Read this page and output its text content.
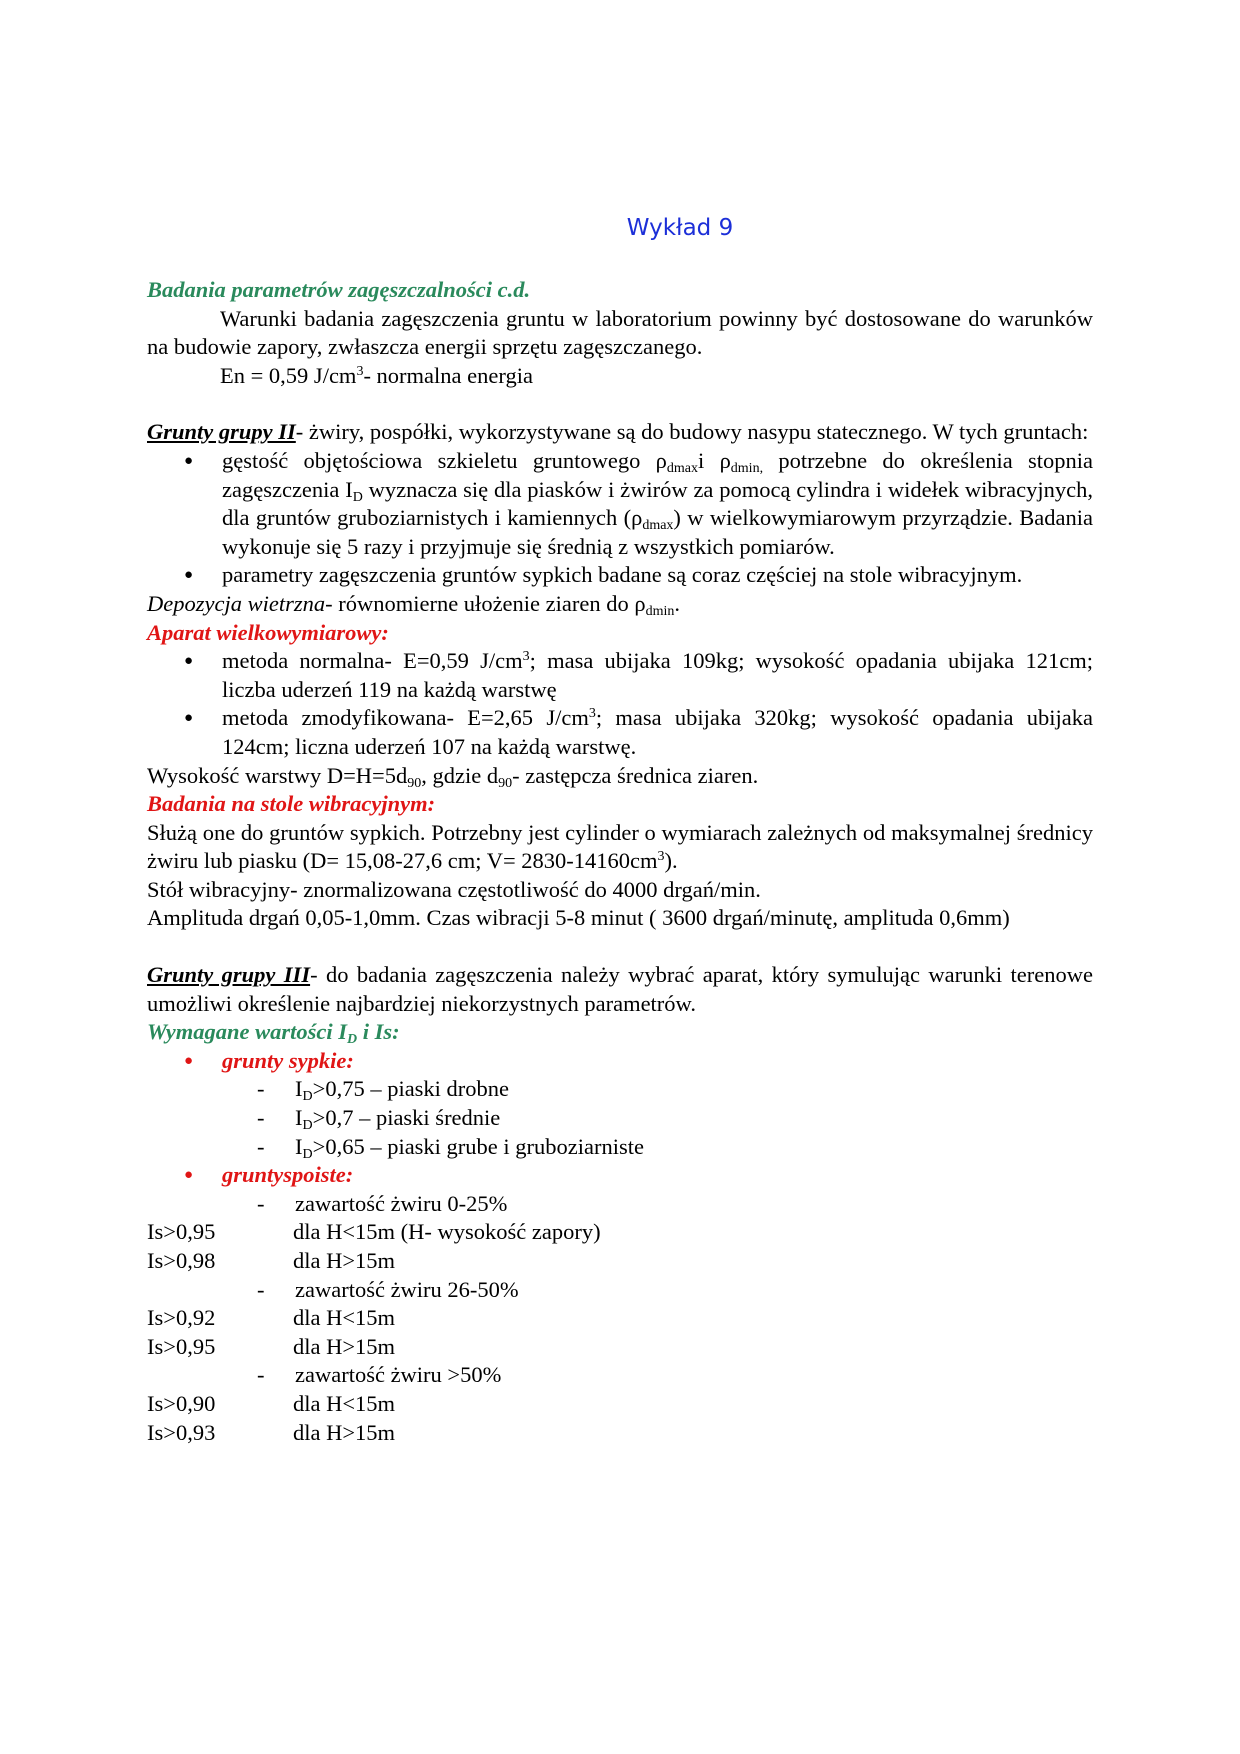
Wykład 9
Badania parametrów zagęszczalności c.d.
Warunki badania zagęszczenia gruntu w laboratorium powinny być dostosowane do warunków na budowie zapory, zwłaszcza energii sprzętu zagęszczanego.
En = 0,59 $J/cm^3-$ normalna energia
Grunty grupy II- żwiry, pospółki, wykorzystywane są do budowy nasypu statecznego. W tych gruntach:
● gęstość objętościowa szkieletu gruntowego $\rho_{dmax}i$ $\rho_{dmin,}$ potrzebne do określenia stopnia zagęszczenia $I_D$ wyznacza się dla piasków i żwirów za pomocą cylindra i widełek wibracyjnych, dla gruntów gruboziarnistych i kamiennych $(\rho_{dmax})$ w wielkowymiarowym przyrządzie. Badania wykonuje się 5 razy i przyjmuje się średnią z wszystkich pomiarów.
● parametry zagęszczenia gruntów sypkich badane są coraz częściej na stole wibracyjnym.
Depozycja wietrzna- równomierne ułożenie ziaren do $\rho_{dmin}$.
Aparat wielkowymiarowy:
● metoda normalna- E=0,59 $J/cm^3$; masa ubijaka 109kg; wysokość opadania ubijaka 121cm; liczba uderzeń 119 na każdą warstwę
● metoda zmodyfikowana- E=2,65 $J/cm^3$; masa ubijaka 320kg; wysokość opadania ubijaka 124cm; liczna uderzeń 107 na każdą warstwę.
Wysokość warstwy $D=H=5d_{90}$, gdzie $d_{90}-$ zastępcza średnica ziaren.
Badania na stole wibracyjnym:
Służą one do gruntów sypkich. Potrzebny jest cylinder o wymiarach zależnych od maksymalnej średnicy żwiru lub piasku (D= 15,08-27,6 cm; $V= 2830-14160cm^3$).
Stół wibracyjny- znormalizowana częstotliwość do 4000 drgań/min.
Amplituda drgań 0,05-1,0mm. Czas wibracji 5-8 minut ( 3600 drgań/minutę, amplituda 0,6mm)
Grunty grupy III- do badania zagęszczenia należy wybrać aparat, który symulując warunki terenowe umożliwi określenie najbardziej niekorzystnych parametrów.
Wymagane wartości $I_D$ i Is:
● grunty sypkie:
- $I_D>0,75$ – piaski drobne
- $I_D>0,7$ – piaski średnie
- $I_D>0,65$ – piaski grube i gruboziarniste
● gruntyspoiste:
- zawartość żwiru 0-25%
Is>0,95	dla H<15m (H- wysokość zapory)
Is>0,98	dla H>15m
- zawartość żwiru 26-50%
Is>0,92	dla H<15m
Is>0,95	dla H>15m
- zawartość żwiru >50%
Is>0,90	dla H<15m
Is>0,93	dla H>15m
